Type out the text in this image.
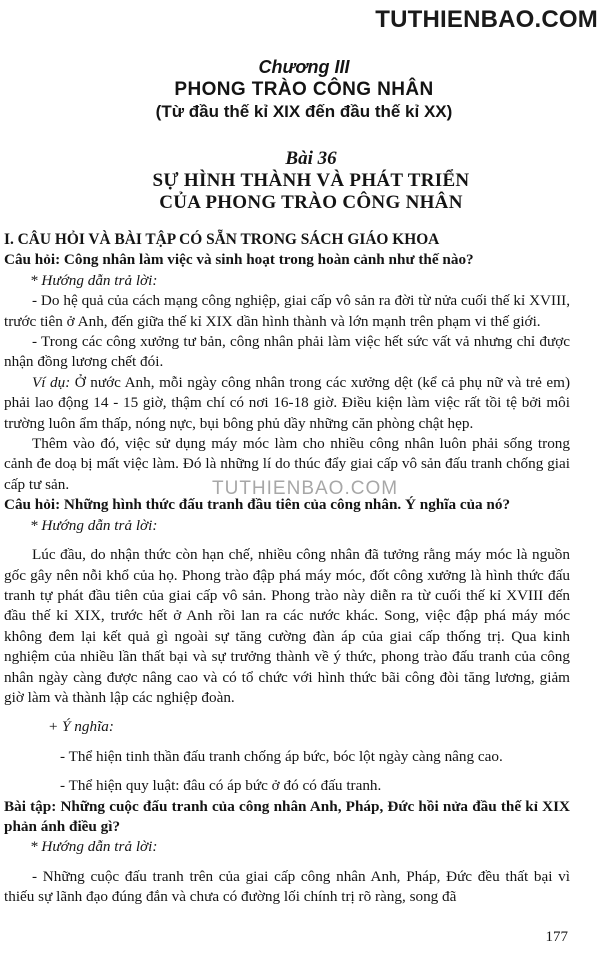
TUTHIENBAO.COM
Chương III
PHONG TRÀO CÔNG NHÂN
(Từ đầu thế kỉ XIX đến đầu thế kỉ XX)
Bài 36
SỰ HÌNH THÀNH VÀ PHÁT TRIỂN
CỦA PHONG TRÀO CÔNG NHÂN

I. CÂU HỎI VÀ BÀI TẬP CÓ SẴN TRONG SÁCH GIÁO KHOA

Câu hỏi: Công nhân làm việc và sinh hoạt trong hoàn cảnh như thế nào?

* Hướng dẫn trả lời:

- Do hệ quả của cách mạng công nghiệp, giai cấp vô sản ra đời từ nửa cuối thế kỉ XVIII, trước tiên ở Anh, đến giữa thế kỉ XIX dần hình thành và lớn mạnh trên phạm vi thế giới.

- Trong các công xưởng tư bản, công nhân phải làm việc hết sức vất vả nhưng chỉ được nhận đồng lương chết đói.

Ví dụ: Ở nước Anh, mỗi ngày công nhân trong các xưởng dệt (kể cả phụ nữ và trẻ em) phải lao động 14 - 15 giờ, thậm chí có nơi 16-18 giờ. Điều kiện làm việc rất tồi tệ bởi môi trường luôn ẩm thấp, nóng nực, bụi bông phủ dầy những căn phòng chật hẹp.

Thêm vào đó, việc sử dụng máy móc làm cho nhiều công nhân luôn phải sống trong cảnh đe doạ bị mất việc làm. Đó là những lí do thúc đẩy giai cấp vô sản đấu tranh chống giai cấp tư sản.

Câu hỏi: Những hình thức đấu tranh đầu tiên của công nhân. Ý nghĩa của nó?

* Hướng dẫn trả lời:

Lúc đầu, do nhận thức còn hạn chế, nhiều công nhân đã tưởng rằng máy móc là nguồn gốc gây nên nỗi khổ của họ. Phong trào đập phá máy móc, đốt công xưởng là hình thức đấu tranh tự phát đầu tiên của giai cấp vô sản. Phong trào này diễn ra từ cuối thế kỉ XVIII đến đầu thế kỉ XIX, trước hết ở Anh rồi lan ra các nước khác. Song, việc đập phá máy móc không đem lại kết quả gì ngoài sự tăng cường đàn áp của giai cấp thống trị. Qua kinh nghiệm của nhiều lần thất bại và sự trưởng thành về ý thức, phong trào đấu tranh của công nhân ngày càng được nâng cao và có tổ chức với hình thức bãi công đòi tăng lương, giảm giờ làm và thành lập các nghiệp đoàn.

+ Ý nghĩa:

- Thể hiện tinh thần đấu tranh chống áp bức, bóc lột ngày càng nâng cao.

- Thể hiện quy luật: đâu có áp bức ở đó có đấu tranh.

Bài tập: Những cuộc đấu tranh của công nhân Anh, Pháp, Đức hồi nửa đầu thế kỉ XIX phản ánh điều gì?

* Hướng dẫn trả lời:

- Những cuộc đấu tranh trên của giai cấp công nhân Anh, Pháp, Đức đều thất bại vì thiếu sự lãnh đạo đúng đắn và chưa có đường lối chính trị rõ ràng, song đã

TUTHIENBAO.COM
177
